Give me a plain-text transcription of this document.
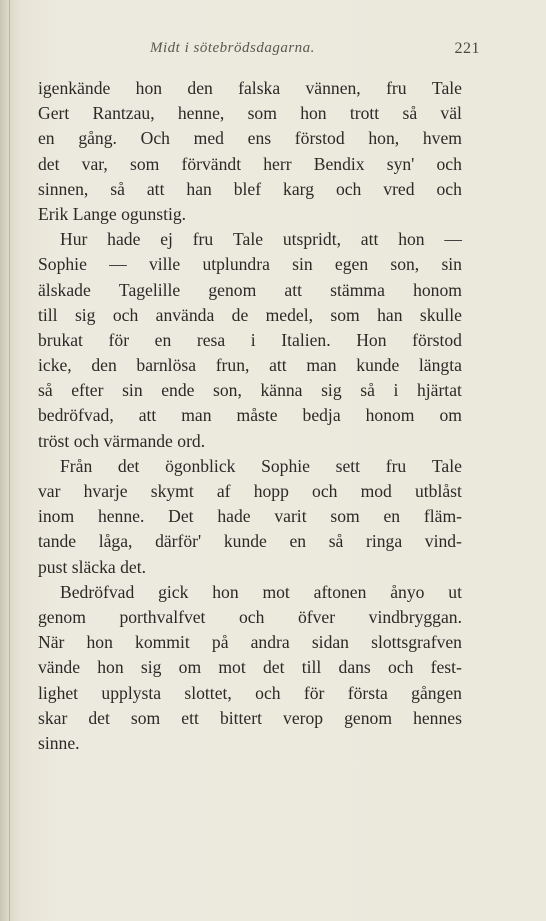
Midt i sötebrödsdagarna.	221
igenkände hon den falska vännen, fru Tale
Gert Rantzau, henne, som hon trott så väl
en gång. Och med ens förstod hon, hvem
det var, som förvändt herr Bendix syn' och
sinnen, så att han blef karg och vred och
Erik
Lange
ogunstig.
Hur hade ej fru Tale utspridt, att hon —
Sophie — ville utplundra sin egen son, sin
älskade Tagelille genom att stämma honom
till sig och använda de medel, som han skulle
brukat för en resa i Italien. Hon förstod
icke, den barnlösa frun, att man kunde längta
så efter sin ende son, känna sig så i hjärtat
bedröfvad, att man måste bedja honom om
tröst
och
värmande
ord.
Från det ögonblick Sophie sett fru Tale
var hvarje skymt af hopp och mod utblåst
inom henne. Det hade varit som en fläm-
tande låga, därför' kunde en så ringa vind-
pust
släcka
det.
Bedröfvad gick hon mot aftonen ånyo ut
genom porthvalfvet och öfver vindbryggan.
När hon kommit på andra sidan slottsgrafven
vände hon sig om mot det till dans och fest-
lighet upplysta slottet, och för första gången
skar det som ett bittert verop genom hennes
sinne.
